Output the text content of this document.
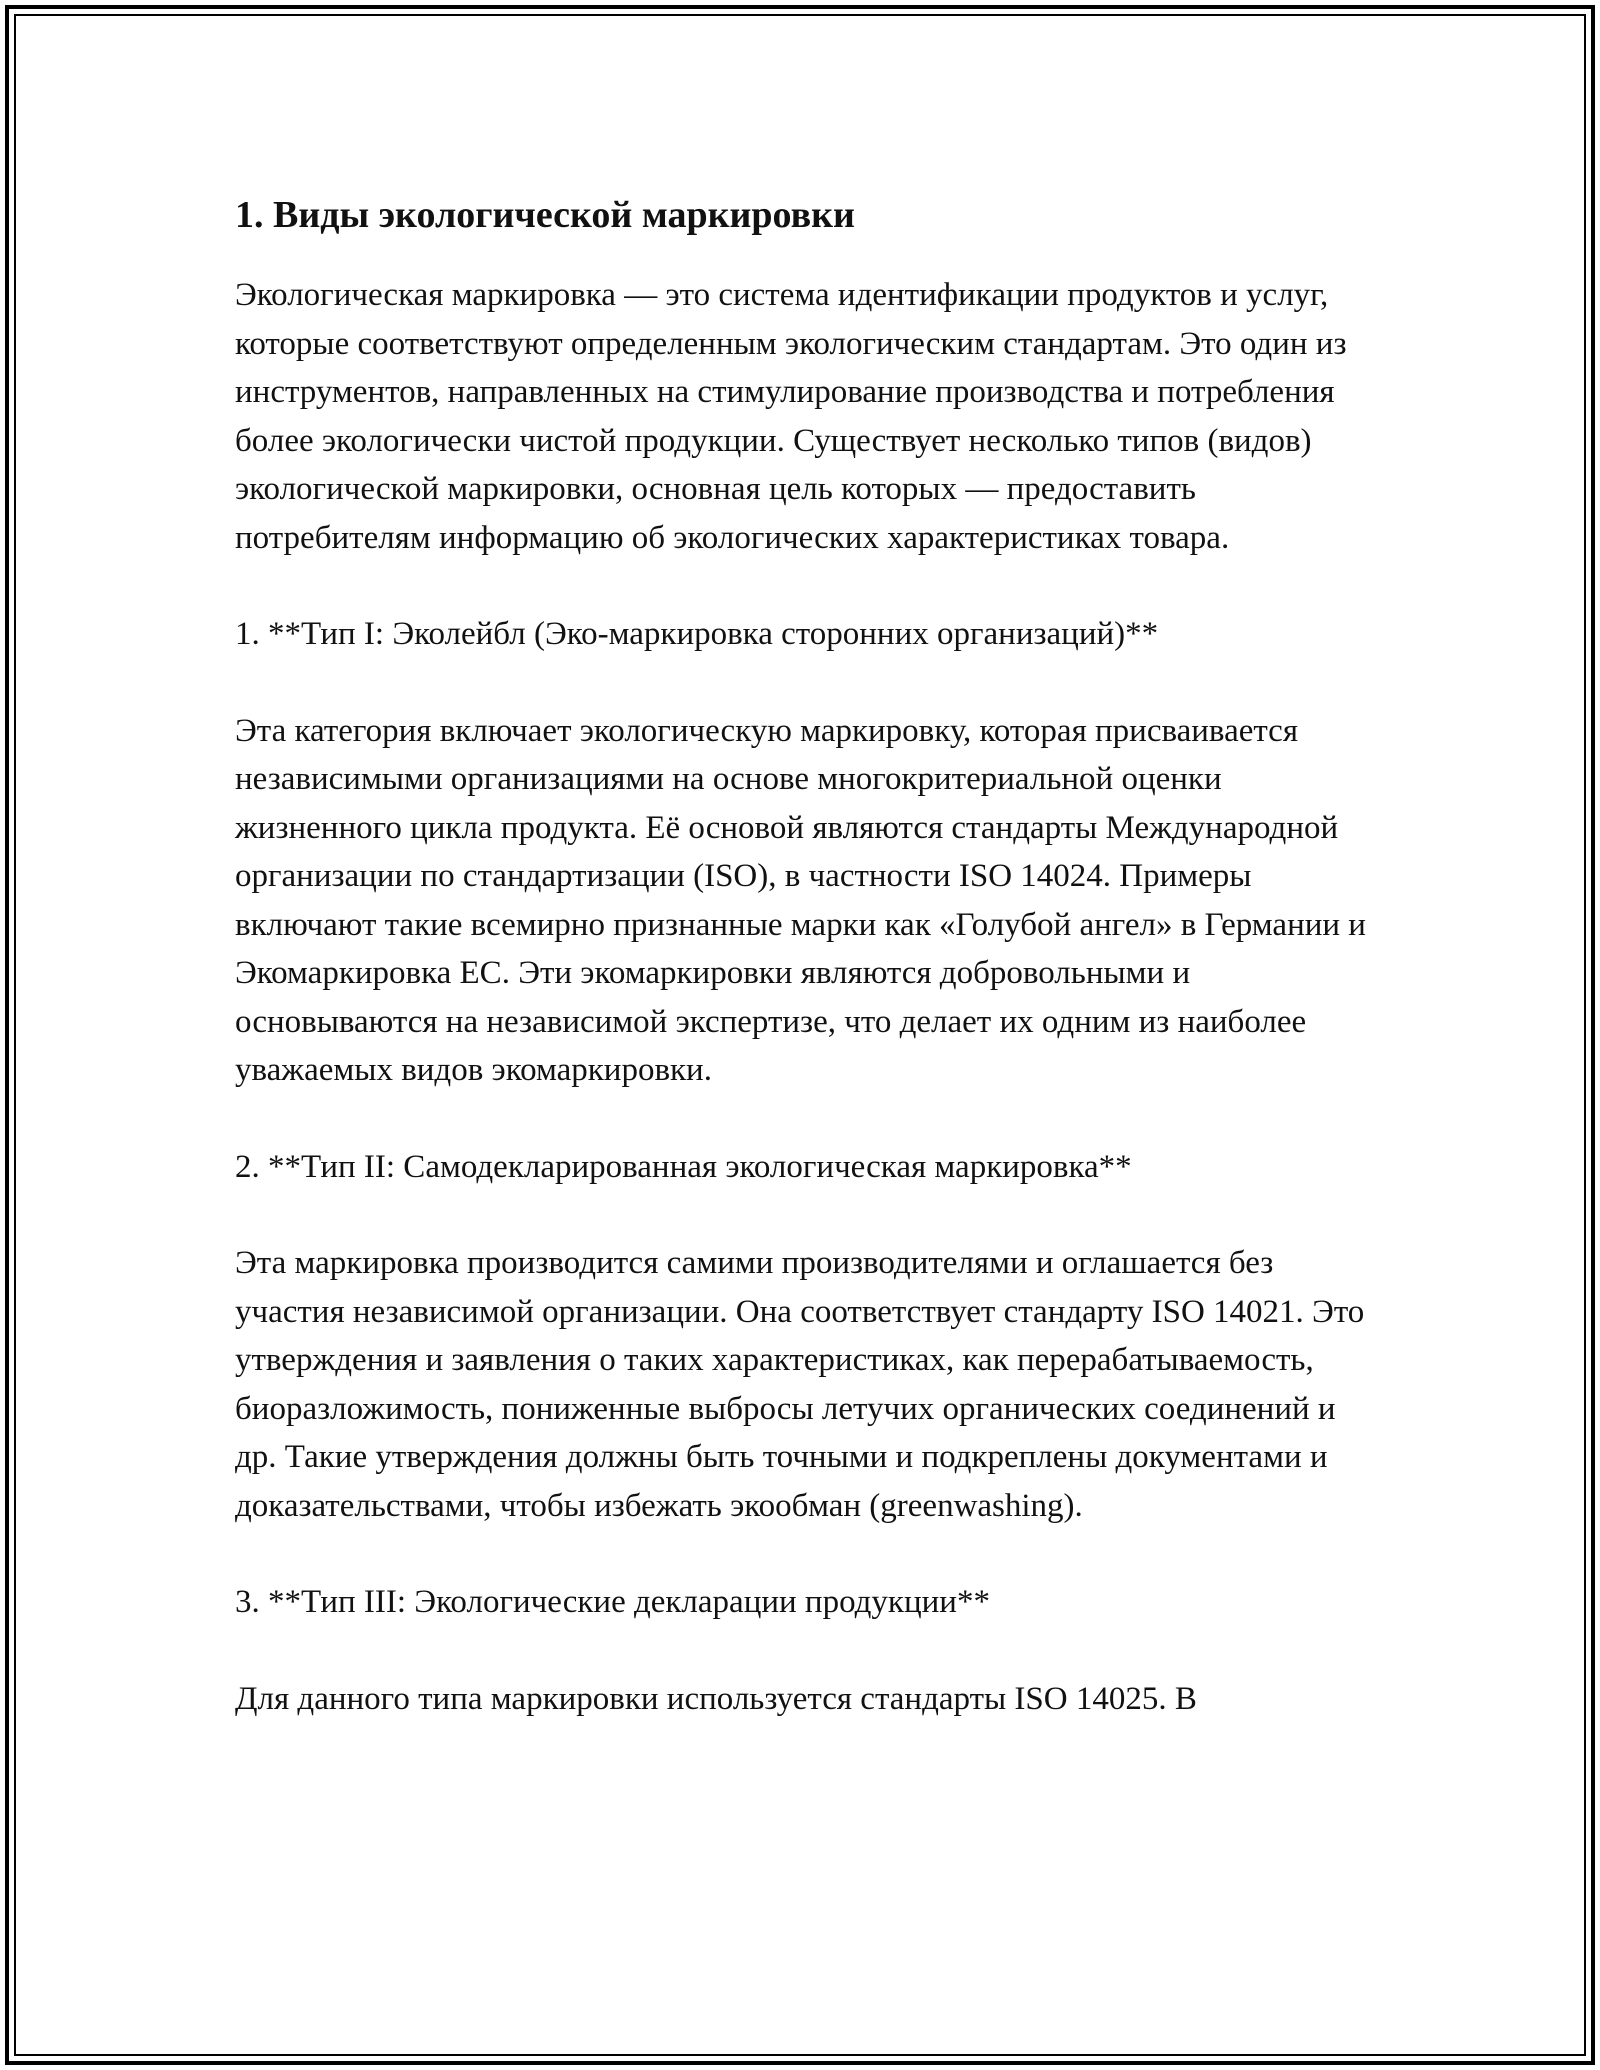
1. Виды экологической маркировки

Экологическая маркировка — это система идентификации продуктов и услуг, которые соответствуют определенным экологическим стандартам. Это один из инструментов, направленных на стимулирование производства и потребления более экологически чистой продукции. Существует несколько типов (видов) экологической маркировки, основная цель которых — предоставить потребителям информацию об экологических характеристиках товара.

1. **Тип I: Эколейбл (Эко-маркировка сторонних организаций)**

Эта категория включает экологическую маркировку, которая присваивается независимыми организациями на основе многокритериальной оценки жизненного цикла продукта. Её основой являются стандарты Международной организации по стандартизации (ISO), в частности ISO 14024. Примеры включают такие всемирно признанные марки как «Голубой ангел» в Германии и Экомаркировка ЕС. Эти экомаркировки являются добровольными и основываются на независимой экспертизе, что делает их одним из наиболее уважаемых видов экомаркировки.

2. **Тип II: Самодекларированная экологическая маркировка**

Эта маркировка производится самими производителями и оглашается без участия независимой организации. Она соответствует стандарту ISO 14021. Это утверждения и заявления о таких характеристиках, как перерабатываемость, биоразложимость, пониженные выбросы летучих органических соединений и др. Такие утверждения должны быть точными и подкреплены документами и доказательствами, чтобы избежать экообман (greenwashing).

3. **Тип III: Экологические декларации продукции**

Для данного типа маркировки используется стандарты ISO 14025. В
